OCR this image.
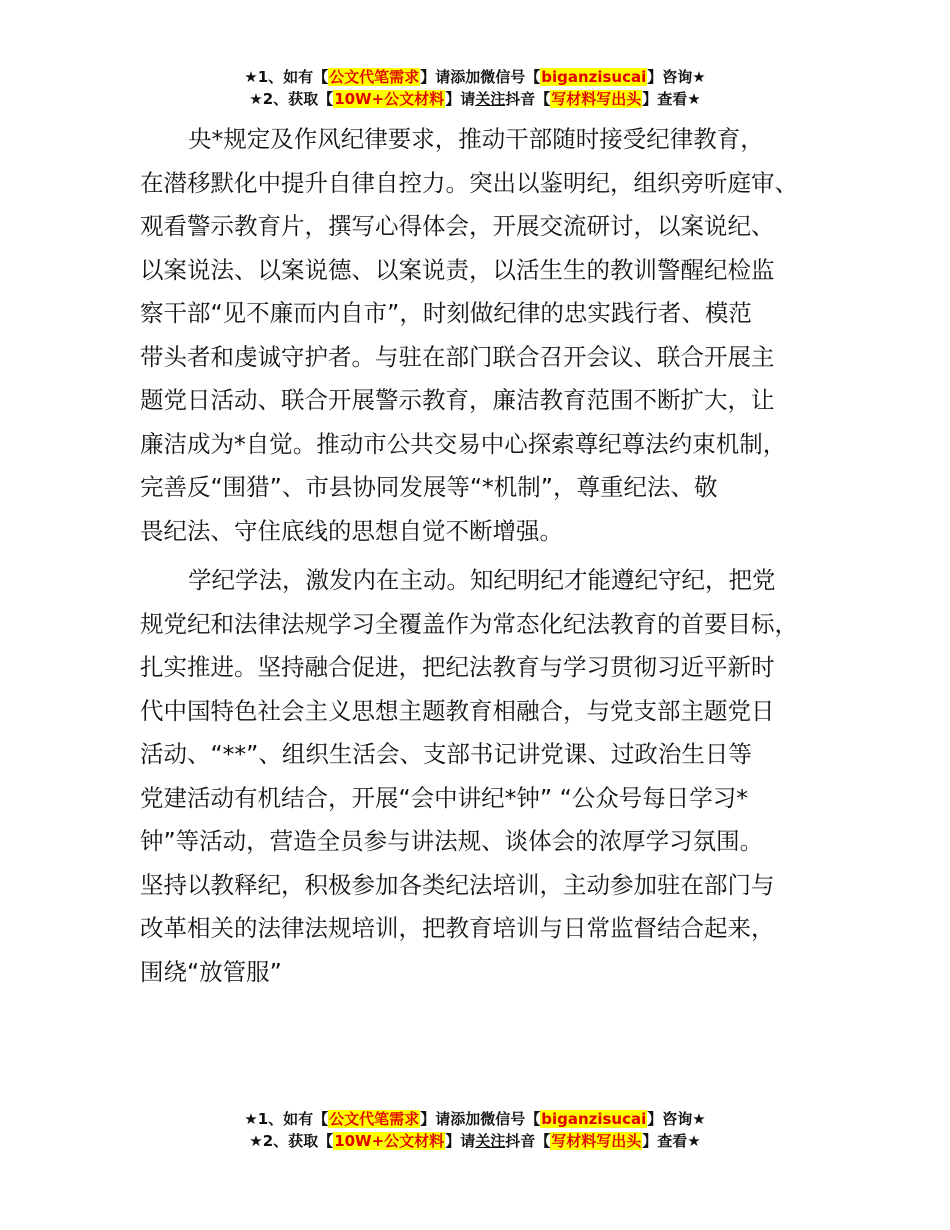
★1、如有【公文代笔需求】请添加微信号【biganzisucai】咨询★
★2、获取【10W+公文材料】请关注抖音【写材料写出头】查看★

央*规定及作风纪律要求，推动干部随时接受纪律教育，
在潜移默化中提升自律自控力。突出以鉴明纪，组织旁听庭审、
观看警示教育片，撰写心得体会，开展交流研讨，以案说纪、
以案说法、以案说德、以案说责，以活生生的教训警醒纪检监
察干部“见不廉而内自市”，时刻做纪律的忠实践行者、模范
带头者和虔诚守护者。与驻在部门联合召开会议、联合开展主
题党日活动、联合开展警示教育，廉洁教育范围不断扩大，让
廉洁成为*自觉。推动市公共交易中心探索尊纪尊法约束机制，
完善反“围猎”、市县协同发展等“*机制”，尊重纪法、敬
畏纪法、守住底线的思想自觉不断增强。

学纪学法，激发内在主动。知纪明纪才能遵纪守纪，把党
规党纪和法律法规学习全覆盖作为常态化纪法教育的首要目标，
扎实推进。坚持融合促进，把纪法教育与学习贯彻习近平新时
代中国特色社会主义思想主题教育相融合，与党支部主题党日
活动、“**”、组织生活会、支部书记讲党课、过政治生日等
党建活动有机结合，开展“会中讲纪*钟” “公众号每日学习*
钟”等活动，营造全员参与讲法规、谈体会的浓厚学习氛围。
坚持以教释纪，积极参加各类纪法培训，主动参加驻在部门与
改革相关的法律法规培训，把教育培训与日常监督结合起来，
围绕“放管服”

★1、如有【公文代笔需求】请添加微信号【biganzisucai】咨询★
★2、获取【10W+公文材料】请关注抖音【写材料写出头】查看★
